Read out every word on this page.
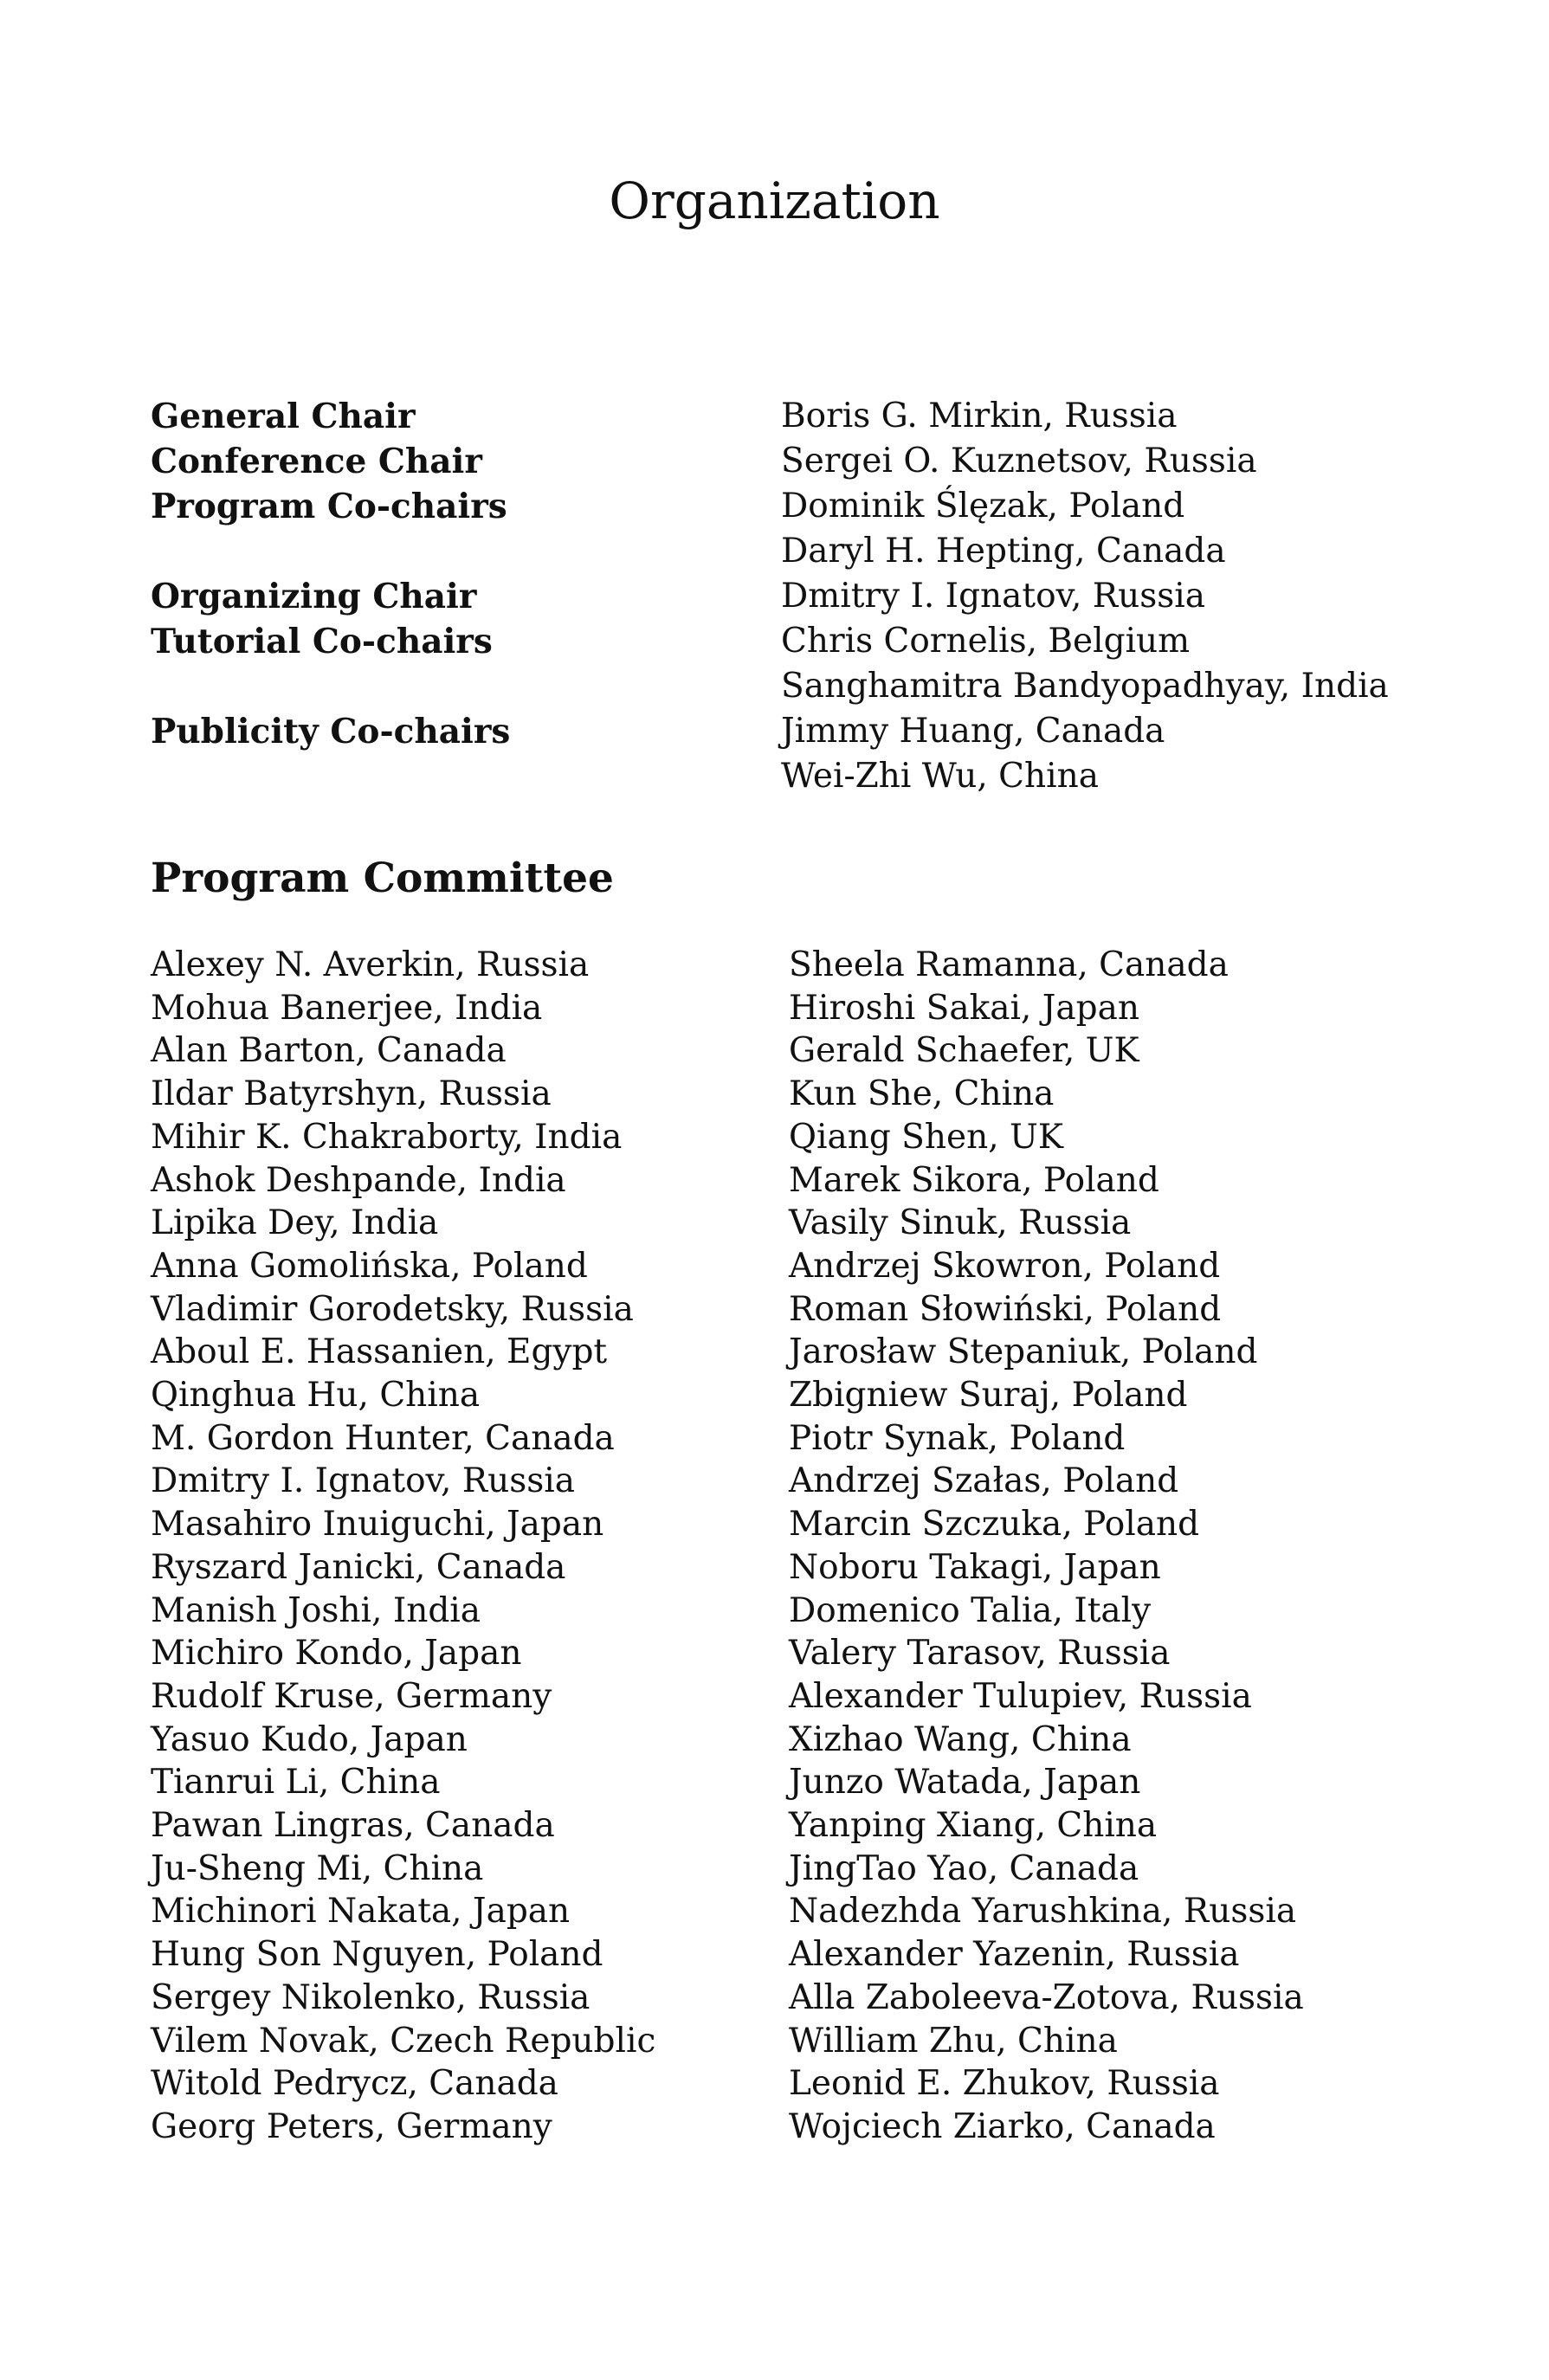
Organization
General Chair	Boris G. Mirkin, Russia
Conference Chair	Sergei O. Kuznetsov, Russia
Program Co-chairs	Dominik Ślęzak, Poland
Daryl H. Hepting, Canada
Organizing Chair	Dmitry I. Ignatov, Russia
Tutorial Co-chairs	Chris Cornelis, Belgium
Sanghamitra Bandyopadhyay, India
Publicity Co-chairs	Jimmy Huang, Canada
Wei-Zhi Wu, China
Program Committee
Alexey N. Averkin, Russia
Mohua Banerjee, India
Alan Barton, Canada
Ildar Batyrshyn, Russia
Mihir K. Chakraborty, India
Ashok Deshpande, India
Lipika Dey, India
Anna Gomolińska, Poland
Vladimir Gorodetsky, Russia
Aboul E. Hassanien, Egypt
Qinghua Hu, China
M. Gordon Hunter, Canada
Dmitry I. Ignatov, Russia
Masahiro Inuiguchi, Japan
Ryszard Janicki, Canada
Manish Joshi, India
Michiro Kondo, Japan
Rudolf Kruse, Germany
Yasuo Kudo, Japan
Tianrui Li, China
Pawan Lingras, Canada
Ju-Sheng Mi, China
Michinori Nakata, Japan
Hung Son Nguyen, Poland
Sergey Nikolenko, Russia
Vilem Novak, Czech Republic
Witold Pedrycz, Canada
Georg Peters, Germany
Sheela Ramanna, Canada
Hiroshi Sakai, Japan
Gerald Schaefer, UK
Kun She, China
Qiang Shen, UK
Marek Sikora, Poland
Vasily Sinuk, Russia
Andrzej Skowron, Poland
Roman Słowiński, Poland
Jarosław Stepaniuk, Poland
Zbigniew Suraj, Poland
Piotr Synak, Poland
Andrzej Szałas, Poland
Marcin Szczuka, Poland
Noboru Takagi, Japan
Domenico Talia, Italy
Valery Tarasov, Russia
Alexander Tulupiev, Russia
Xizhao Wang, China
Junzo Watada, Japan
Yanping Xiang, China
JingTao Yao, Canada
Nadezhda Yarushkina, Russia
Alexander Yazenin, Russia
Alla Zaboleeva-Zotova, Russia
William Zhu, China
Leonid E. Zhukov, Russia
Wojciech Ziarko, Canada
